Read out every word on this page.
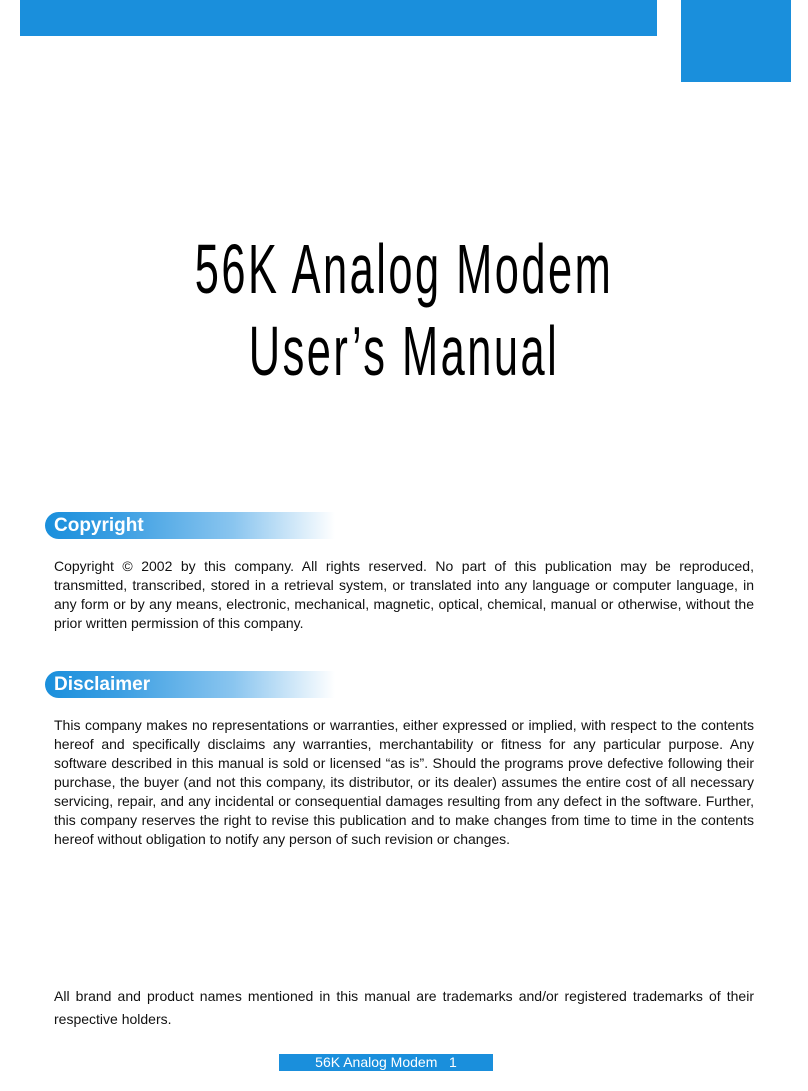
56K Analog Modem
User’s Manual
Copyright
Copyright © 2002 by this company. All rights reserved. No part of this publication may be reproduced, transmitted, transcribed, stored in a retrieval system, or translated into any language or computer language, in any form or by any means, electronic, mechanical, magnetic, optical, chemical, manual or otherwise, without the prior written permission of this company.
Disclaimer
This company makes no representations or warranties, either expressed or implied, with respect to the contents hereof and specifically disclaims any warranties, merchantability or fitness for any particular purpose. Any software described in this manual is sold or licensed “as is”. Should the programs prove defective following their purchase, the buyer (and not this company, its distributor, or its dealer) assumes the entire cost of all necessary servicing, repair, and any incidental or consequential damages resulting from any defect in the software. Further, this company reserves the right to revise this publication and to make changes from time to time in the contents hereof without obligation to notify any person of such revision or changes.
All brand and product names mentioned in this manual are trademarks and/or registered trademarks of their respective holders.
56K Analog Modem   1
